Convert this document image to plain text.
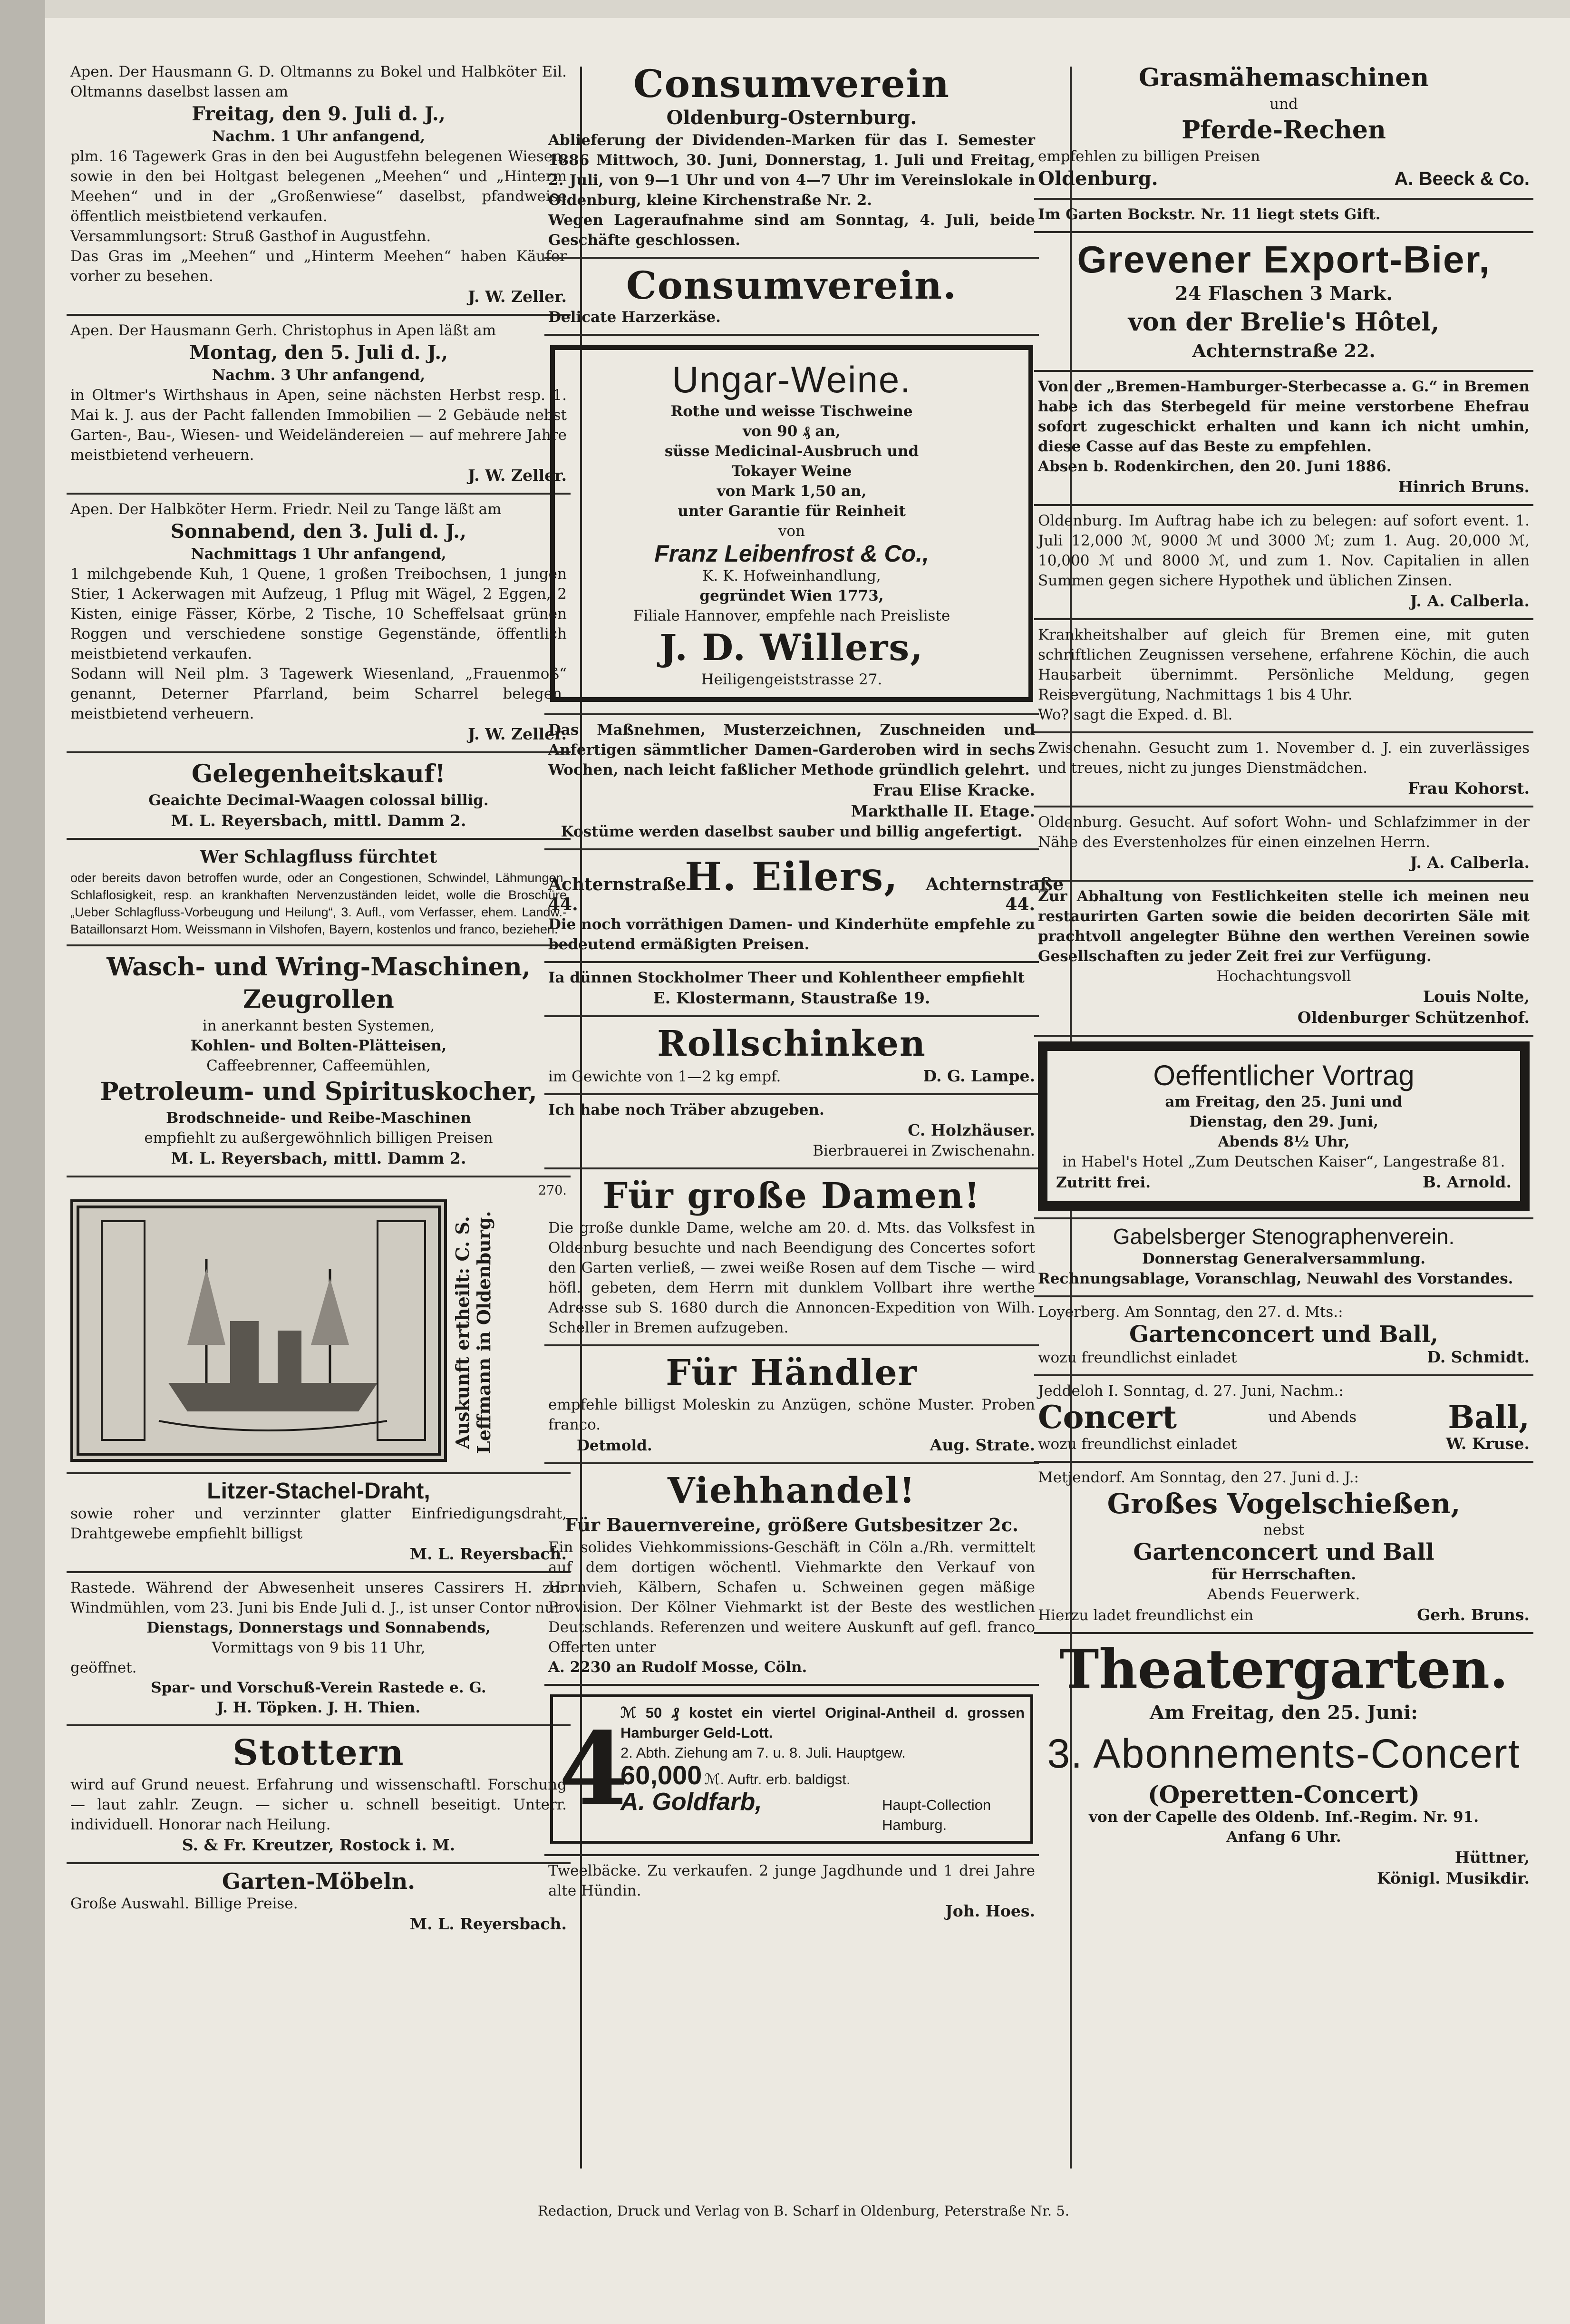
Apen. Der Hausmann G. D. Oltmanns zu Bokel und Halbköter Eil. Oltmanns daselbst lassen am

Freitag, den 9. Juli d. J.,

Nachm. 1 Uhr anfangend,

plm. 16 Tagewerk Gras in den bei Augustfehn belegenen Wiesen, sowie in den bei Holtgast belegenen „Meehen“ und „Hinterm Meehen“ und in der „Großenwiese“ daselbst, pfandweise öffentlich meistbietend verkaufen.

Versammlungsort: Struß Gasthof in Augustfehn.

Das Gras im „Meehen“ und „Hinterm Meehen“ haben Käufer vorher zu besehen.

J. W. Zeller.

Apen. Der Hausmann Gerh. Christophus in Apen läßt am

Montag, den 5. Juli d. J.,

Nachm. 3 Uhr anfangend,

in Oltmer's Wirthshaus in Apen, seine nächsten Herbst resp. 1. Mai k. J. aus der Pacht fallenden Immobilien — 2 Gebäude nebst Garten-, Bau-, Wiesen- und Weideländereien — auf mehrere Jahre meistbietend verheuern.

J. W. Zeller.

Apen. Der Halbköter Herm. Friedr. Neil zu Tange läßt am

Sonnabend, den 3. Juli d. J.,

Nachmittags 1 Uhr anfangend,

1 milchgebende Kuh, 1 Quene, 1 großen Treibochsen, 1 jungen Stier, 1 Ackerwagen mit Aufzeug, 1 Pflug mit Wägel, 2 Eggen, 2 Kisten, einige Fässer, Körbe, 2 Tische, 10 Scheffelsaat grünen Roggen und verschiedene sonstige Gegenstände, öffentlich meistbietend verkaufen.

Sodann will Neil plm. 3 Tagewerk Wiesenland, „Frauenmoß“ genannt, Deterner Pfarrland, beim Scharrel belegen, meistbietend verheuern.

J. W. Zeller.

Gelegenheitskauf!

Geaichte Decimal-Waagen colossal billig.

M. L. Reyersbach, mittl. Damm 2.

Wer Schlagfluss fürchtet

oder bereits davon betroffen wurde, oder an Congestionen, Schwindel, Lähmungen, Schlaflosigkeit, resp. an krankhaften Nervenzuständen leidet, wolle die Broschüre „Ueber Schlagfluss-Vorbeugung und Heilung“, 3. Aufl., vom Verfasser, ehem. Landw.-Bataillonsarzt Hom. Weissmann in Vilshofen, Bayern, kostenlos und franco, beziehen.

Wasch- und Wring-Maschinen,

Zeugrollen

in anerkannt besten Systemen,

Kohlen- und Bolten-Plätteisen,

Caffeebrenner, Caffeemühlen,

Petroleum- und Spirituskocher,

Brodschneide- und Reibe-Maschinen

empfiehlt zu außergewöhnlich billigen Preisen

M. L. Reyersbach, mittl. Damm 2.

270.

Auskunft ertheilt: C. S. Leffmann in Oldenburg.

Litzer-Stachel-Draht,

sowie roher und verzinnter glatter Einfriedigungsdraht, Drahtgewebe empfiehlt billigst

M. L. Reyersbach.

Rastede. Während der Abwesenheit unseres Cassirers H. zur Windmühlen, vom 23. Juni bis Ende Juli d. J., ist unser Contor nur

Dienstags, Donnerstags und Sonnabends,

Vormittags von 9 bis 11 Uhr,

geöffnet.

Spar- und Vorschuß-Verein Rastede e. G.

J. H. Töpken. J. H. Thien.

Stottern

wird auf Grund neuest. Erfahrung und wissenschaftl. Forschung — laut zahlr. Zeugn. — sicher u. schnell beseitigt. Unterr. individuell. Honorar nach Heilung.

S. & Fr. Kreutzer, Rostock i. M.

Garten-Möbeln.

Große Auswahl. Billige Preise.

M. L. Reyersbach.

Consumverein

Oldenburg-Osternburg.

Ablieferung der Dividenden-Marken für das I. Semester 1886 Mittwoch, 30. Juni, Donnerstag, 1. Juli und Freitag, 2. Juli, von 9—1 Uhr und von 4—7 Uhr im Vereinslokale in Oldenburg, kleine Kirchenstraße Nr. 2.

Wegen Lageraufnahme sind am Sonntag, 4. Juli, beide Geschäfte geschlossen.

Consumverein.

Delicate Harzerkäse.

Ungar-Weine.

Rothe und weisse Tischweine

von 90 ₰ an,

süsse Medicinal-Ausbruch und

Tokayer Weine

von Mark 1,50 an,

unter Garantie für Reinheit

von

Franz Leibenfrost & Co.,

K. K. Hofweinhandlung,

gegründet Wien 1773,

Filiale Hannover, empfehle nach Preisliste

J. D. Willers,

Heiligengeiststrasse 27.

Das Maßnehmen, Musterzeichnen, Zuschneiden und Anfertigen sämmtlicher Damen-Garderoben wird in sechs Wochen, nach leicht faßlicher Methode gründlich gelehrt.

Frau Elise Kracke.

Markthalle II. Etage.

Kostüme werden daselbst sauber und billig angefertigt.

Achternstraße 44.
H. Eilers, Achternstraße 44.

Die noch vorräthigen Damen- und Kinderhüte empfehle zu bedeutend ermäßigten Preisen.

Ia dünnen Stockholmer Theer und Kohlentheer empfiehlt

E. Klostermann, Staustraße 19.

Rollschinken

im Gewichte von 1—2 kg empf.	D. G. Lampe.

Ich habe noch Träber abzugeben.

C. Holzhäuser.

Bierbrauerei in Zwischenahn.

Für große Damen!

Die große dunkle Dame, welche am 20. d. Mts. das Volksfest in Oldenburg besuchte und nach Beendigung des Concertes sofort den Garten verließ, — zwei weiße Rosen auf dem Tische — wird höfl. gebeten, dem Herrn mit dunklem Vollbart ihre werthe Adresse sub S. 1680 durch die Annoncen-Expedition von Wilh. Scheller in Bremen aufzugeben.

Für Händler

empfehle billigst Moleskin zu Anzügen, schöne Muster. Proben franco.

Detmold.	Aug. Strate.

Viehhandel!

Für Bauernvereine, größere Gutsbesitzer 2c.

Ein solides Viehkommissions-Geschäft in Cöln a./Rh. vermittelt auf dem dortigen wöchentl. Viehmarkte den Verkauf von Hornvieh, Kälbern, Schafen u. Schweinen gegen mäßige Provision. Der Kölner Viehmarkt ist der Beste des westlichen Deutschlands. Referenzen und weitere Auskunft auf gefl. franco Offerten unter

A. 2230 an Rudolf Mosse, Cöln.

4

ℳ 50 ₰ kostet ein viertel Original-Antheil d. grossen Hamburger Geld-Lott.

2. Abth. Ziehung am 7. u. 8. Juli. Hauptgew.

60,000 ℳ. Auftr. erb. baldigst.

A. Goldfarb,	Haupt-Collection Hamburg.

Tweelbäcke. Zu verkaufen. 2 junge Jagdhunde und 1 drei Jahre alte Hündin.

Joh. Hoes.

Grasmähemaschinen

und

Pferde-Rechen

empfehlen zu billigen Preisen

Oldenburg.	A. Beeck & Co.

Im Garten Bockstr. Nr. 11 liegt stets Gift.

Grevener Export-Bier,

24 Flaschen 3 Mark.

von der Brelie's Hôtel,

Achternstraße 22.

Von der „Bremen-Hamburger-Sterbecasse a. G.“ in Bremen habe ich das Sterbegeld für meine verstorbene Ehefrau sofort zugeschickt erhalten und kann ich nicht umhin, diese Casse auf das Beste zu empfehlen.

Absen b. Rodenkirchen, den 20. Juni 1886.

Hinrich Bruns.

Oldenburg. Im Auftrag habe ich zu belegen: auf sofort event. 1. Juli 12,000 ℳ, 9000 ℳ und 3000 ℳ; zum 1. Aug. 20,000 ℳ, 10,000 ℳ und 8000 ℳ, und zum 1. Nov. Capitalien in allen Summen gegen sichere Hypothek und üblichen Zinsen.

J. A. Calberla.

Krankheitshalber auf gleich für Bremen eine, mit guten schriftlichen Zeugnissen versehene, erfahrene Köchin, die auch Hausarbeit übernimmt. Persönliche Meldung, gegen Reisevergütung, Nachmittags 1 bis 4 Uhr.

Wo? sagt die Exped. d. Bl.

Zwischenahn. Gesucht zum 1. November d. J. ein zuverlässiges und treues, nicht zu junges Dienstmädchen.

Frau Kohorst.

Oldenburg. Gesucht. Auf sofort Wohn- und Schlafzimmer in der Nähe des Everstenholzes für einen einzelnen Herrn.

J. A. Calberla.

Zur Abhaltung von Festlichkeiten stelle ich meinen neu restaurirten Garten sowie die beiden decorirten Säle mit prachtvoll angelegter Bühne den werthen Vereinen sowie Gesellschaften zu jeder Zeit frei zur Verfügung.

Hochachtungsvoll

Louis Nolte,

Oldenburger Schützenhof.

Oeffentlicher Vortrag

am Freitag, den 25. Juni und

Dienstag, den 29. Juni,

Abends 8½ Uhr,

in Habel's Hotel „Zum Deutschen Kaiser“, Langestraße 81.

Zutritt frei.	B. Arnold.

Gabelsberger Stenographenverein.

Donnerstag Generalversammlung.

Rechnungsablage, Voranschlag, Neuwahl des Vorstandes.

Loyerberg. Am Sonntag, den 27. d. Mts.:

Gartenconcert und Ball,

wozu freundlichst einladet	D. Schmidt.

Jeddeloh I. Sonntag, d. 27. Juni, Nachm.:

Concert	und Abends	Ball,
wozu freundlichst einladet	W. Kruse.

Metjendorf. Am Sonntag, den 27. Juni d. J.:

Großes Vogelschießen,

nebst

Gartenconcert und Ball

für Herrschaften.

Abends Feuerwerk.

Hierzu ladet freundlichst ein	Gerh. Bruns.

Theatergarten.

Am Freitag, den 25. Juni:

3. Abonnements-Concert

(Operetten-Concert)

von der Capelle des Oldenb. Inf.-Regim. Nr. 91.

Anfang 6 Uhr.

Hüttner,

Königl. Musikdir.

Redaction, Druck und Verlag von B. Scharf in Oldenburg, Peterstraße Nr. 5.
